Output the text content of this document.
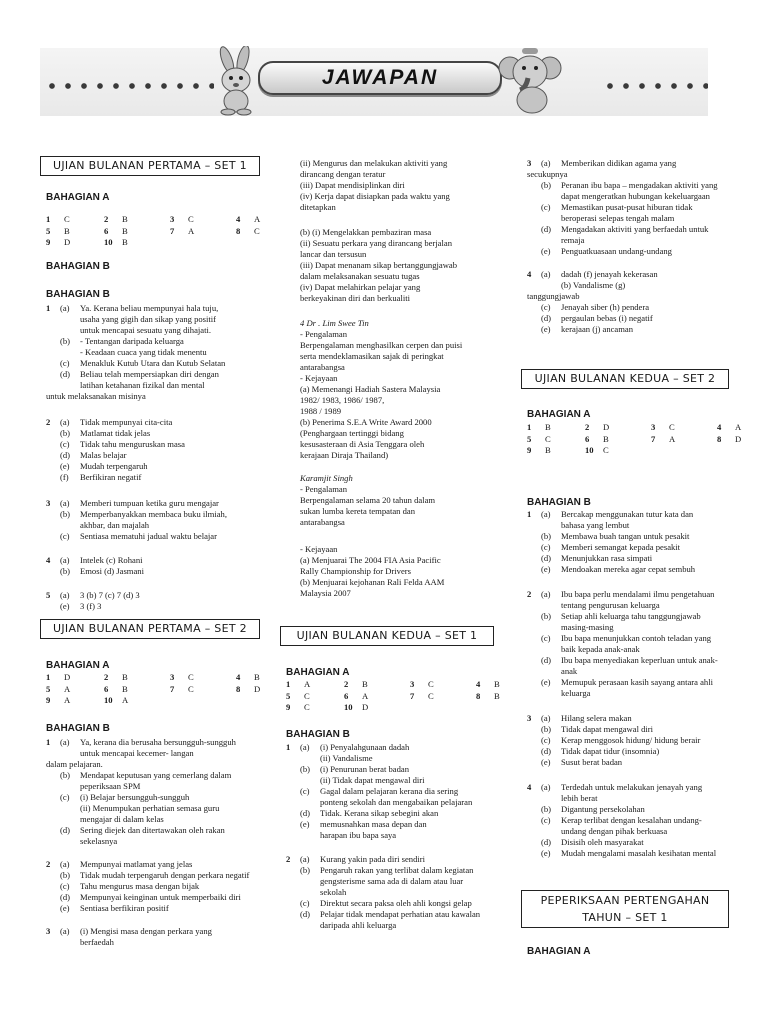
JAWAPAN
UJIAN BULANAN PERTAMA – SET 1
BAHAGIAN A
1 C	2 B	3 C	4 A
5 B	6 B	7 A	8 C
9 D	10 B
BAHAGIAN B
BAHAGIAN B
1 (a) Ya. Kerana beliau mempunyai hala tuju,
usaha yang gigih dan sikap yang positif
untuk mencapai sesuatu yang dihajati.
(b) - Tentangan daripada keluarga
- Keadaan cuaca yang tidak menentu
(c) Menakluk Kutub Utara dan Kutub Selatan
(d) Beliau telah mempersiapkan diri dengan
latihan ketahanan fizikal dan mental
untuk melaksanakan misinya
2 (a) Tidak mempunyai cita-cita
(b) Matlamat tidak jelas
(c) Tidak tahu menguruskan masa
(d) Malas belajar
(e) Mudah terpengaruh
(f) Berfikiran negatif
3 (a) Memberi tumpuan ketika guru mengajar
(b) Memperbanyakkan membaca buku ilmiah,
akhbar, dan majalah
(c) Sentiasa mematuhi jadual waktu belajar
4 (a) Intelek (c) Rohani
(b) Emosi (d) Jasmani
5 (a) 3 (b) 7 (c) 7 (d) 3
(e) 3 (f) 3
UJIAN BULANAN PERTAMA – SET 2
BAHAGIAN A
1 D	2 B	3 C	4 B
5 A	6 B	7 C	8 D
9 A	10 A
BAHAGIAN B
1 (a) Ya, kerana dia berusaha bersungguh-sungguh
untuk mencapai kecemer- langan
dalam pelajaran.
(b) Mendapat keputusan yang cemerlang dalam
peperiksaan SPM
(c) (i) Belajar bersungguh-sungguh
(ii) Menumpukan perhatian semasa guru
mengajar di dalam kelas
(d) Sering diejek dan ditertawakan oleh rakan
sekelasnya
2 (a) Mempunyai matlamat yang jelas
(b) Tidak mudah terpengaruh dengan perkara negatif
(c) Tahu mengurus masa dengan bijak
(d) Mempunyai keinginan untuk memperbaiki diri
(e) Sentiasa berfikiran positif
3 (a) (i) Mengisi masa dengan perkara yang
berfaedah
(ii) Mengurus dan melakukan aktiviti yang
dirancang dengan teratur
(iii) Dapat mendisiplinkan diri
(iv) Kerja dapat disiapkan pada waktu yang
ditetapkan
(b) (i) Mengelakkan pembaziran masa
(ii) Sesuatu perkara yang dirancang berjalan
lancar dan tersusun
(iii) Dapat menanam sikap bertanggungjawab
dalam melaksanakan sesuatu tugas
(iv) Dapat melahirkan pelajar yang
berkeyakinan diri dan berkualiti
4 Dr . Lim Swee Tin
- Pengalaman
Berpengalaman menghasilkan cerpen dan puisi
serta mendeklamasikan sajak di peringkat
antarabangsa
- Kejayaan
(a) Memenangi Hadiah Sastera Malaysia
1982/ 1983, 1986/ 1987,
1988 / 1989
(b) Penerima S.E.A Write Award 2000
(Penghargaan tertinggi bidang
kesusasteraan di Asia Tenggara oleh
kerajaan Diraja Thailand)
Karamjit Singh
- Pengalaman
Berpengalaman selama 20 tahun dalam
sukan lumba kereta tempatan dan
antarabangsa
- Kejayaan
(a) Menjuarai The 2004 FIA Asia Pacific
Rally Championship for Drivers
(b) Menjuarai kejohanan Rali Felda AAM
Malaysia 2007
UJIAN BULANAN KEDUA – SET 1
BAHAGIAN A
1 A	2 B	3 C	4 B
5 C	6 A	7 C	8 B
9 C	10 D
BAHAGIAN B
1 (a) (i) Penyalahgunaan dadah
(ii) Vandalisme
(b) (i) Penurunan berat badan
(ii) Tidak dapat mengawal diri
(c) Gagal dalam pelajaran kerana dia sering
ponteng sekolah dan mengabaikan pelajaran
(d) Tidak. Kerana sikap sebegini akan
(e) memusnahkan masa depan dan
harapan ibu bapa saya
2 (a) Kurang yakin pada diri sendiri
(b) Pengaruh rakan yang terlibat dalam kegiatan
gengsterisme sama ada di dalam atau luar
sekolah
(c) Direktut secara paksa oleh ahli kongsi gelap
(d) Pelajar tidak mendapat perhatian atau kawalan
daripada ahli keluarga
3 (a) Memberikan didikan agama yang
secukupnya
(b) Peranan ibu bapa – mengadakan aktiviti yang
dapat mengeratkan hubungan kekeluargaan
(c) Memastikan pusat-pusat hiburan tidak
beroperasi selepas tengah malam
(d) Mengadakan aktiviti yang berfaedah untuk
remaja
(e) Penguatkuasaan undang-undang
4 (a) dadah (f) jenayah kekerasan
(b) Vandalisme (g)
tanggungjawab
(c) Jenayah siber (h) pendera
(d) pergaulan bebas (i) negatif
(e) kerajaan (j) ancaman
UJIAN BULANAN KEDUA – SET 2
BAHAGIAN A
1 B	2 D	3 C	4 A
5 C	6 B	7 A	8 D
9 B	10 C
BAHAGIAN B
1 (a) Bercakap menggunakan tutur kata dan
bahasa yang lembut
(b) Membawa buah tangan untuk pesakit
(c) Memberi semangat kepada pesakit
(d) Menunjukkan rasa simpati
(e) Mendoakan mereka agar cepat sembuh
2 (a) Ibu bapa perlu mendalami ilmu pengetahuan
tentang pengurusan keluarga
(b) Setiap ahli keluarga tahu tanggungjawab
masing-masing
(c) Ibu bapa menunjukkan contoh teladan yang
baik kepada anak-anak
(d) Ibu bapa menyediakan keperluan untuk anak-
anak
(e) Memupuk perasaan kasih sayang antara ahli
keluarga
3 (a) Hilang selera makan
(b) Tidak dapat mengawal diri
(c) Kerap menggosok hidung/ hidung berair
(d) Tidak dapat tidur (insomnia)
(e) Susut berat badan
4 (a) Terdedah untuk melakukan jenayah yang
lebih berat
(b) Digantung persekolahan
(c) Kerap terlibat dengan kesalahan undang-
undang dengan pihak berkuasa
(d) Disisih oleh masyarakat
(e) Mudah mengalami masalah kesihatan mental
PEPERIKSAAN PERTENGAHAN
TAHUN – SET 1
BAHAGIAN A
